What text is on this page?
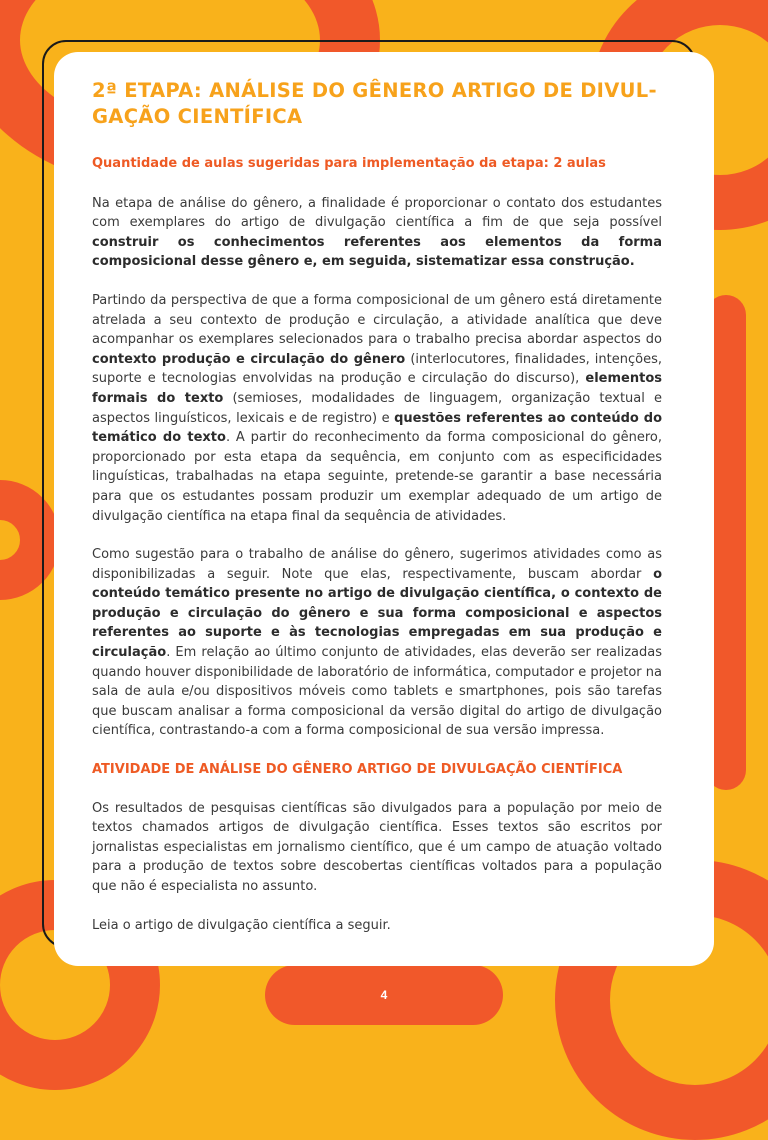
4
2ª ETAPA: ANÁLISE DO GÊNERO ARTIGO DE DIVUL-
GAÇÃO CIENTÍFICA
Quantidade de aulas sugeridas para implementação da etapa: 2 aulas

Na etapa de análise do gênero, a finalidade é proporcionar o contato dos estudantes com exemplares do artigo de divulgação científica a fim de que seja possível construir os conhecimentos referentes aos elementos da forma composicional desse gênero e, em seguida, sistematizar essa construção.

Partindo da perspectiva de que a forma composicional de um gênero está diretamente atrelada a seu contexto de produção e circulação, a atividade analítica que deve acompanhar os exemplares selecionados para o trabalho precisa abordar aspectos do contexto produção e circulação do gênero (interlocutores, finalidades, intenções, suporte e tecnologias envolvidas na produção e circulação do discurso), elementos formais do texto (semioses, modalidades de linguagem, organização textual e aspectos linguísticos, lexicais e de registro) e questões referentes ao conteúdo do temático do texto. A partir do reconhecimento da forma composicional do gênero, proporcionado por esta etapa da sequência, em conjunto com as especificidades linguísticas, trabalhadas na etapa seguinte, pretende-se garantir a base necessária para que os estudantes possam produzir um exemplar adequado de um artigo de divulgação científica na etapa final da sequência de atividades.

Como sugestão para o trabalho de análise do gênero, sugerimos atividades como as disponibilizadas a seguir. Note que elas, respectivamente, buscam abordar o conteúdo temático presente no artigo de divulgação científica, o contexto de produção e circulação do gênero e sua forma composicional e aspectos referentes ao suporte e às tecnologias empregadas em sua produção e circulação. Em relação ao último conjunto de atividades, elas deverão ser realizadas quando houver disponibilidade de laboratório de informática, computador e projetor na sala de aula e/ou dispositivos móveis como tablets e smartphones, pois são tarefas que buscam analisar a forma composicional da versão digital do artigo de divulgação científica, contrastando-a com a forma composicional de sua versão impressa.

ATIVIDADE DE ANÁLISE DO GÊNERO ARTIGO DE DIVULGAÇÃO CIENTÍFICA

Os resultados de pesquisas científicas são divulgados para a população por meio de textos chamados artigos de divulgação científica. Esses textos são escritos por jornalistas especialistas em jornalismo científico, que é um campo de atuação voltado para a produção de textos sobre descobertas científicas voltados para a população que não é especialista no assunto.

Leia o artigo de divulgação científica a seguir.
